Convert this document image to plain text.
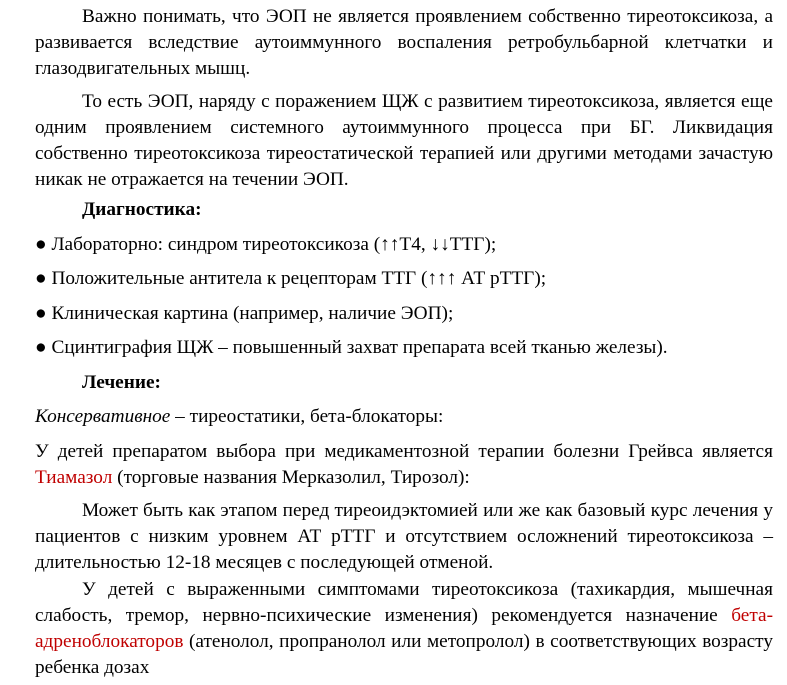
Важно понимать, что ЭОП не является проявлением собственно тиреотоксикоза, а развивается вследствие аутоиммунного воспаления ретробульбарной клетчатки и глазодвигательных мышц.

То есть ЭОП, наряду с поражением ЩЖ с развитием тиреотоксикоза, является еще одним проявлением системного аутоиммунного процесса при БГ. Ликвидация собственно тиреотоксикоза тиреостатической терапией или другими методами зачастую никак не отражается на течении ЭОП.

Диагностика:

● Лабораторно: синдром тиреотоксикоза (↑↑Т4, ↓↓ТТГ);

● Положительные антитела к рецепторам ТТГ (↑↑↑ АТ рТТГ);

● Клиническая картина (например, наличие ЭОП);

● Сцинтиграфия ЩЖ – повышенный захват препарата всей тканью железы).

Лечение:

Консервативное – тиреостатики, бета-блокаторы:

У детей препаратом выбора при медикаментозной терапии болезни Грейвса является Тиамазол (торговые названия Мерказолил, Тирозол):

Может быть как этапом перед тиреоидэктомией или же как базовый курс лечения у пациентов с низким уровнем АТ рТТГ и отсутствием осложнений тиреотоксикоза – длительностью 12-18 месяцев с последующей отменой.

У детей с выраженными симптомами тиреотоксикоза (тахикардия, мышечная слабость, тремор, нервно-психические изменения) рекомендуется назначение бета-адреноблокаторов (атенолол, пропранолол или метопролол) в соответствующих возрасту ребенка дозах
